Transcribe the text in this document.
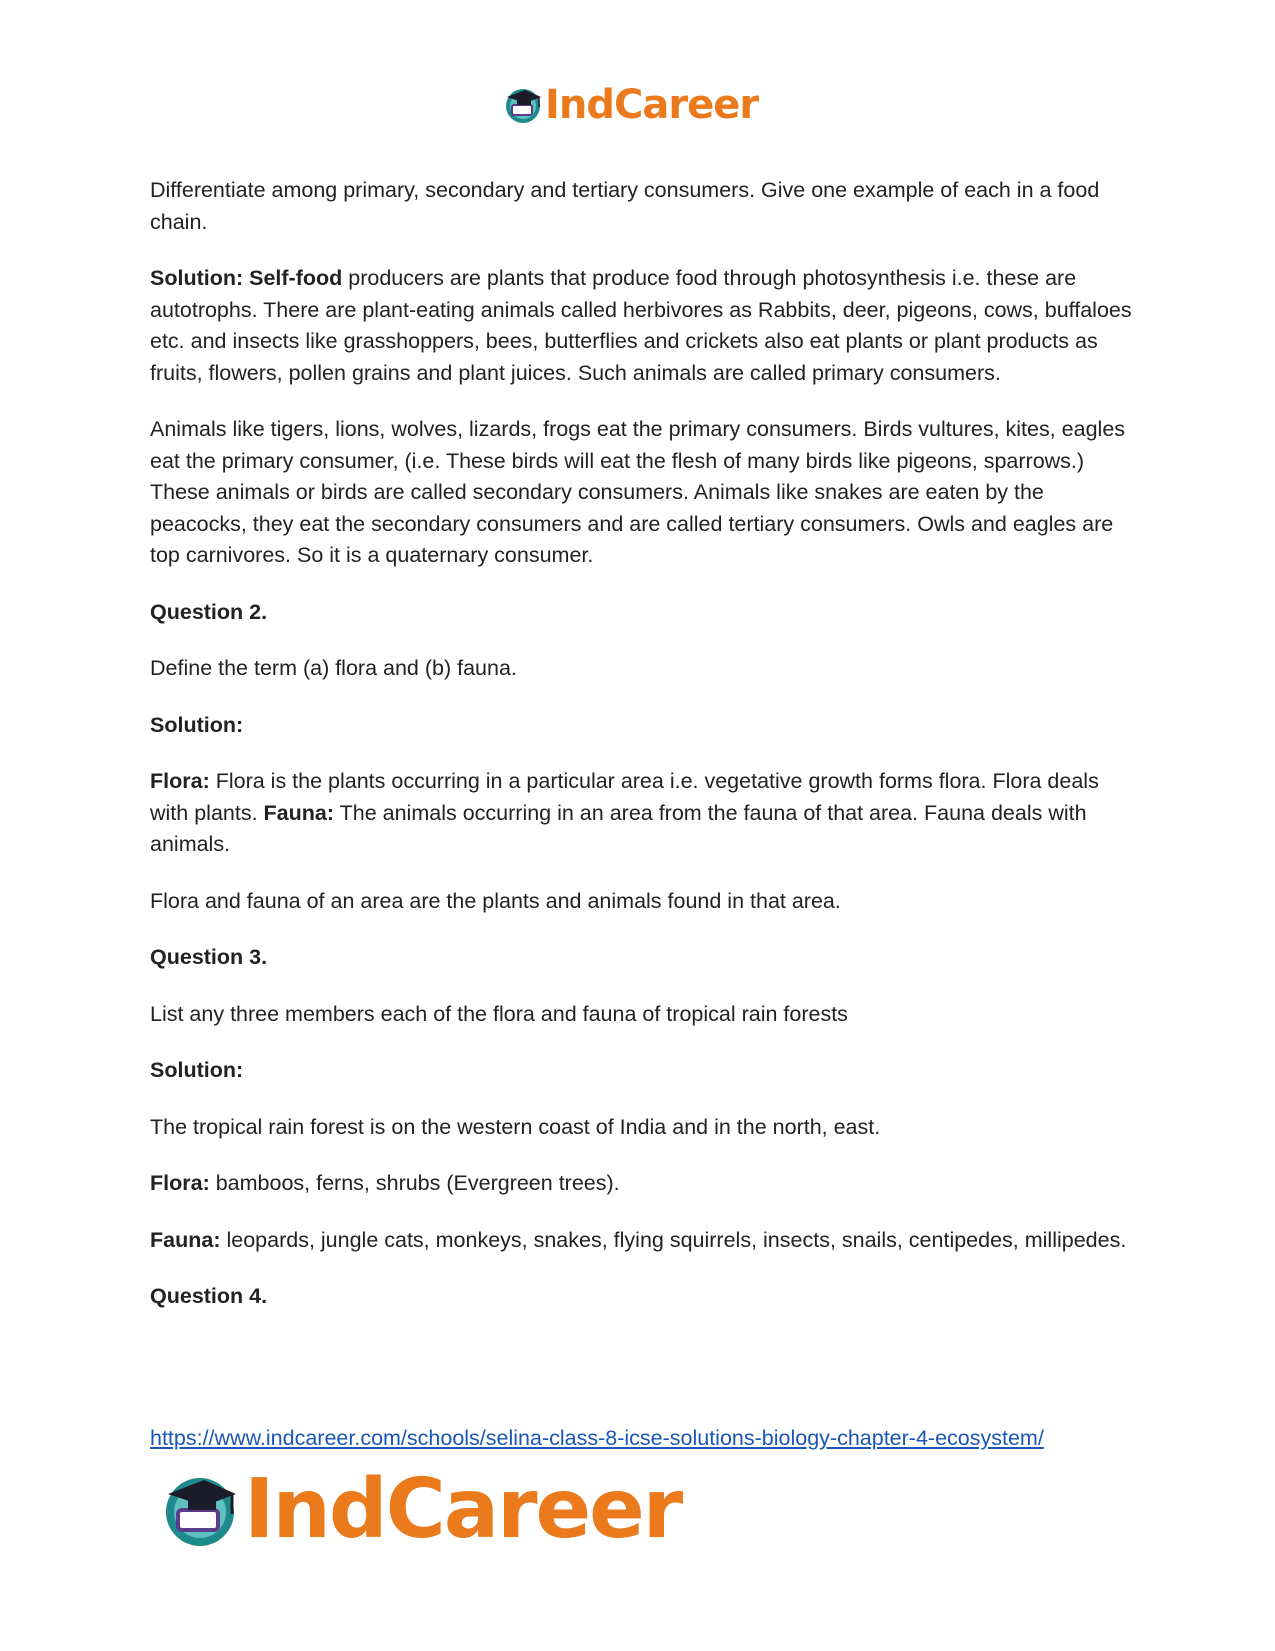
IndCareer

Differentiate among primary, secondary and tertiary consumers. Give one example of each in a food chain.

Solution: Self-food producers are plants that produce food through photosynthesis i.e. these are autotrophs. There are plant-eating animals called herbivores as Rabbits, deer, pigeons, cows, buffaloes etc. and insects like grasshoppers, bees, butterflies and crickets also eat plants or plant products as fruits, flowers, pollen grains and plant juices. Such animals are called primary consumers.

Animals like tigers, lions, wolves, lizards, frogs eat the primary consumers. Birds vultures, kites, eagles eat the primary consumer, (i.e. These birds will eat the flesh of many birds like pigeons, sparrows.) These animals or birds are called secondary consumers. Animals like snakes are eaten by the peacocks, they eat the secondary consumers and are called tertiary consumers. Owls and eagles are top carnivores. So it is a quaternary consumer.

Question 2.

Define the term (a) flora and (b) fauna.

Solution:

Flora: Flora is the plants occurring in a particular area i.e. vegetative growth forms flora. Flora deals with plants. Fauna: The animals occurring in an area from the fauna of that area. Fauna deals with animals.

Flora and fauna of an area are the plants and animals found in that area.

Question 3.

List any three members each of the flora and fauna of tropical rain forests

Solution:

The tropical rain forest is on the western coast of India and in the north, east.

Flora: bamboos, ferns, shrubs (Evergreen trees).

Fauna: leopards, jungle cats, monkeys, snakes, flying squirrels, insects, snails, centipedes, millipedes.

Question 4.

https://www.indcareer.com/schools/selina-class-8-icse-solutions-biology-chapter-4-ecosystem/
IndCareer
